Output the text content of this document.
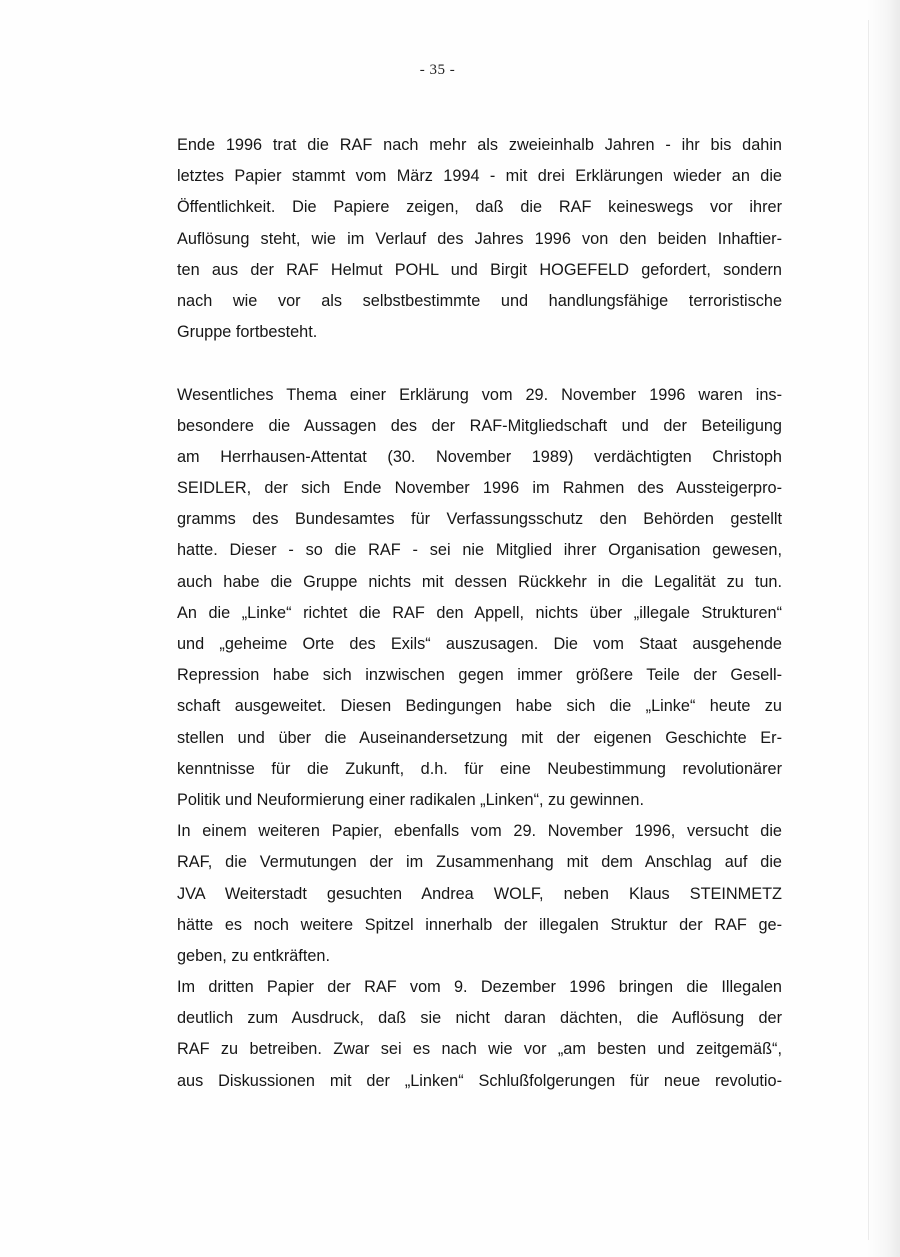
- 35 -
Ende 1996 trat die RAF nach mehr als zweieinhalb Jahren - ihr bis dahin
letztes Papier stammt vom März 1994 - mit drei Erklärungen wieder an die
Öffentlichkeit. Die Papiere zeigen, daß die RAF keineswegs vor ihrer
Auflösung steht, wie im Verlauf des Jahres 1996 von den beiden Inhaftier-
ten aus der RAF Helmut POHL und Birgit HOGEFELD gefordert, sondern
nach wie vor als selbstbestimmte und handlungsfähige terroristische
Gruppe fortbesteht.
Wesentliches Thema einer Erklärung vom 29. November 1996 waren ins-
besondere die Aussagen des der RAF-Mitgliedschaft und der Beteiligung
am Herrhausen-Attentat (30. November 1989) verdächtigten Christoph
SEIDLER, der sich Ende November 1996 im Rahmen des Aussteigerpro-
gramms des Bundesamtes für Verfassungsschutz den Behörden gestellt
hatte. Dieser - so die RAF - sei nie Mitglied ihrer Organisation gewesen,
auch habe die Gruppe nichts mit dessen Rückkehr in die Legalität zu tun.
An die „Linke“ richtet die RAF den Appell, nichts über „illegale Strukturen“
und „geheime Orte des Exils“ auszusagen. Die vom Staat ausgehende
Repression habe sich inzwischen gegen immer größere Teile der Gesell-
schaft ausgeweitet. Diesen Bedingungen habe sich die „Linke“ heute zu
stellen und über die Auseinandersetzung mit der eigenen Geschichte Er-
kenntnisse für die Zukunft, d.h. für eine Neubestimmung revolutionärer
Politik und Neuformierung einer radikalen „Linken“, zu gewinnen.
In einem weiteren Papier, ebenfalls vom 29. November 1996, versucht die
RAF, die Vermutungen der im Zusammenhang mit dem Anschlag auf die
JVA Weiterstadt gesuchten Andrea WOLF, neben Klaus STEINMETZ
hätte es noch weitere Spitzel innerhalb der illegalen Struktur der RAF ge-
geben, zu entkräften.
Im dritten Papier der RAF vom 9. Dezember 1996 bringen die Illegalen
deutlich zum Ausdruck, daß sie nicht daran dächten, die Auflösung der
RAF zu betreiben. Zwar sei es nach wie vor „am besten und zeitgemäß“,
aus Diskussionen mit der „Linken“ Schlußfolgerungen für neue revolutio-
